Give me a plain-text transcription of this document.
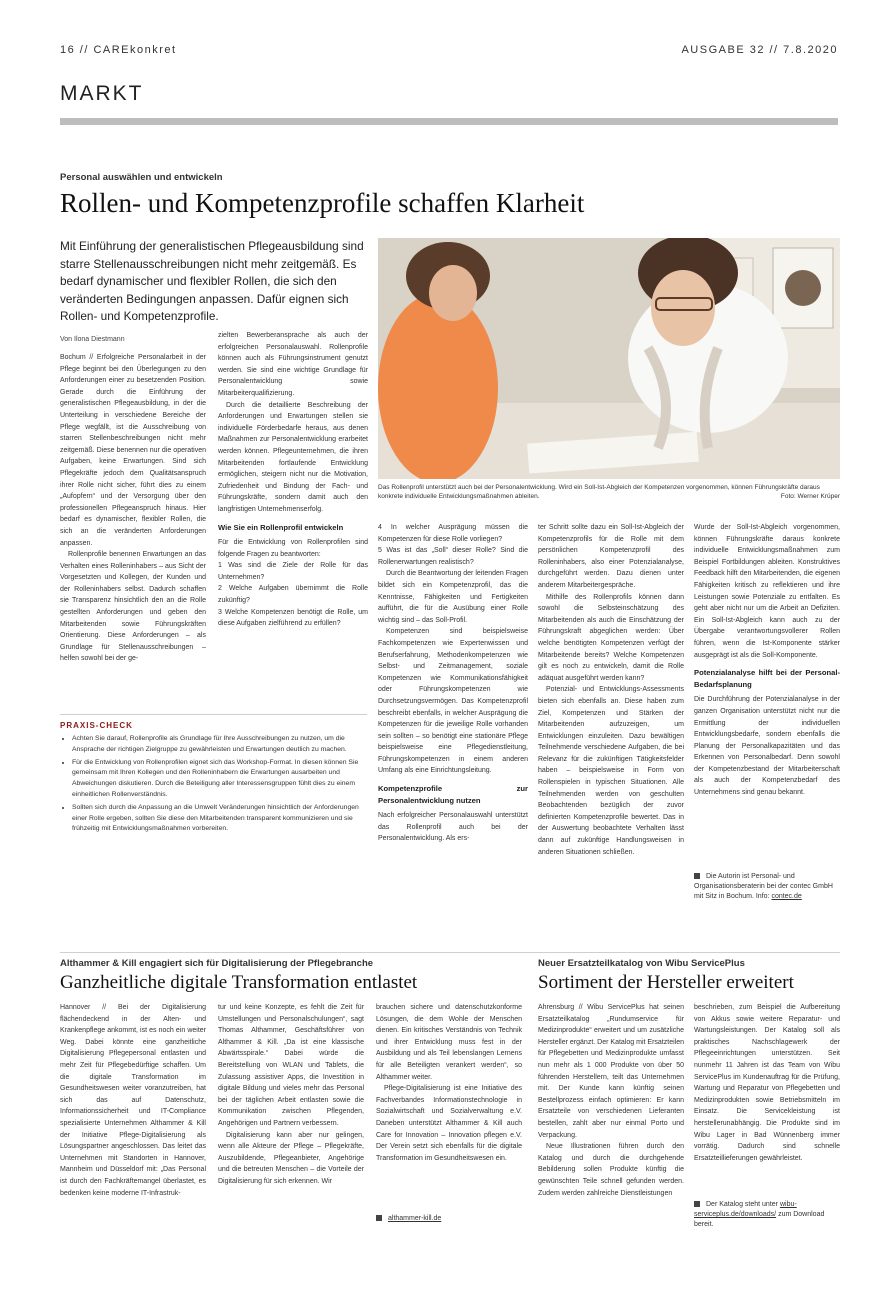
16 // CAREkonkret	AUSGABE 32 // 7.8.2020
MARKT
Personal auswählen und entwickeln
Rollen- und Kompetenzprofile schaffen Klarheit
Mit Einführung der generalistischen Pflegeausbildung sind starre Stellenausschreibungen nicht mehr zeitgemäß. Es bedarf dynamischer und flexibler Rollen, die sich den veränderten Bedingungen anpassen. Dafür eignen sich Rollen- und Kompetenzprofile.
Von Ilona Diestmann

Bochum // Erfolgreiche Personalarbeit in der Pflege beginnt bei den Überlegungen zu den Anforderungen einer zu besetzenden Position. Gerade durch die Einführung der generalistischen Pflegeausbildung, in der die Unterteilung in verschiedene Bereiche der Pflege wegfällt, ist die Ausschreibung von starren Stellenbeschreibungen nicht mehr zeitgemäß. Diese benennen nur die operativen Aufgaben, keine Erwartungen. Sind sich Pflegekräfte jedoch dem Qualitätsanspruch ihrer Rolle nicht sicher, führt dies zu einem „Aufopfern“ und der Versorgung über den professionellen Pflegeanspruch hinaus. Hier bedarf es dynamischer, flexibler Rollen, die sich an die veränderten Anforderungen anpassen.

Rollenprofile benennen Erwartungen an das Verhalten eines Rolleninhabers – aus Sicht der Vorgesetzten und Kollegen, der Kunden und der Rolleninhabers selbst. Dadurch schaffen sie Transparenz hinsichtlich den an die Rolle gestellten Anforderungen und geben den Mitarbeitenden sowie Führungskräften Orientierung. Diese Anforderungen – als Grundlage für Stellenausschreibungen – helfen sowohl bei der ge-

zielten Bewerberansprache als auch der erfolgreichen Personalauswahl. Rollenprofile können auch als Führungsinstrument genutzt werden. Sie sind eine wichtige Grundlage für Personalentwicklung sowie Mitarbeiterqualifizierung.

Durch die detaillierte Beschreibung der Anforderungen und Erwartungen stellen sie individuelle Förderbedarfe heraus, aus denen Maßnahmen zur Personalentwicklung erarbeitet werden können. Pflegeunternehmen, die ihren Mitarbeitenden fortlaufende Entwicklung ermöglichen, steigern nicht nur die Motivation, Zufriedenheit und Bindung der Fach- und Führungskräfte, sondern damit auch den langfristigen Unternehmenserfolg.

Wie Sie ein Rollenprofil entwickeln

Für die Entwicklung von Rollenprofilen sind folgende Fragen zu beantworten:

1 Was sind die Ziele der Rolle für das Unternehmen?

2 Welche Aufgaben übernimmt die Rolle zukünftig?

3 Welche Kompetenzen benötigt die Rolle, um diese Aufgaben zielführend zu erfüllen?

Das Rollenprofil unterstützt auch bei der Personalentwicklung. Wird ein Soll-Ist-Abgleich der Kompetenzen vorgenommen, können Führungskräfte daraus konkrete individuelle Entwicklungsmaßnahmen ableiten.	Foto: Werner Krüper

4 In welcher Ausprägung müssen die Kompetenzen für diese Rolle vorliegen?

5 Was ist das „Soll“ dieser Rolle? Sind die Rollenerwartungen realistisch?

Durch die Beantwortung der leitenden Fragen bildet sich ein Kompetenzprofil, das die Kenntnisse, Fähigkeiten und Fertigkeiten aufführt, die für die Ausübung einer Rolle wichtig sind – das Soll-Profil.

Kompetenzen sind beispielsweise Fachkompetenzen wie Expertenwissen und Berufserfahrung, Methodenkompetenzen wie Selbst- und Zeitmanagement, soziale Kompetenzen wie Kommunikationsfähigkeit oder Führungskompetenzen wie Durchsetzungsvermögen. Das Kompetenzprofil beschreibt ebenfalls, in welcher Ausprägung die Kompetenzen für die jeweilige Rolle vorhanden sein sollten – so benötigt eine stationäre Pflege beispielsweise eine Pflegedienstleitung, Führungskompetenzen in einem anderen Umfang als eine Einrichtungsleitung.

Kompetenzprofile zur Personalentwicklung nutzen

Nach erfolgreicher Personalauswahl unterstützt das Rollenprofil auch bei der Personalentwicklung. Als ers-

ter Schritt sollte dazu ein Soll-Ist-Abgleich der Kompetenzprofils für die Rolle mit dem persönlichen Kompetenzprofil des Rolleninhabers, also einer Potenzialanalyse, durchgeführt werden. Dazu dienen unter anderem Mitarbeitergespräche.

Mithilfe des Rollenprofils können dann sowohl die Selbsteinschätzung des Mitarbeitenden als auch die Einschätzung der Führungskraft abgeglichen werden: Über welche benötigten Kompetenzen verfügt der Mitarbeitende bereits? Welche Kompetenzen gilt es noch zu entwickeln, damit die Rolle adäquat ausgeführt werden kann?

Potenzial- und Entwicklungs-Assessments bieten sich ebenfalls an. Diese haben zum Ziel, Kompetenzen und Stärken der Mitarbeitenden aufzuzeigen, um Entwicklungen einzuleiten. Dazu bewältigen Teilnehmende verschiedene Aufgaben, die bei Relevanz für die zukünftigen Tätigkeitsfelder haben – beispielsweise in Form von Rollenspielen in typischen Situationen. Alle Teilnehmenden werden von geschulten Beobachtenden bezüglich der zuvor definierten Kompetenzprofile bewertet. Das in der Auswertung beobachtete Verhalten lässt dann auf zukünftige Handlungsweisen in anderen Situationen schließen.

Wurde der Soll-Ist-Abgleich vorgenommen, können Führungskräfte daraus konkrete individuelle Entwicklungsmaßnahmen zum Beispiel Fortbildungen ableiten. Konstruktives Feedback hilft den Mitarbeitenden, die eigenen Fähigkeiten kritisch zu reflektieren und ihre Leistungen sowie Potenziale zu entfalten. Es geht aber nicht nur um die Arbeit an Defiziten. Ein Soll-Ist-Abgleich kann auch zu der Übergabe verantwortungsvollerer Rollen führen, wenn die Ist-Komponente stärker ausgeprägt ist als die Soll-Komponente.

Potenzialanalyse hilft bei der Personal-Bedarfsplanung

Die Durchführung der Potenzialanalyse in der ganzen Organisation unterstützt nicht nur die Ermittlung der individuellen Entwicklungsbedarfe, sondern ebenfalls die Planung der Personalkapazitäten und das Erkennen von Personalbedarf. Denn sowohl der Kompetenzbestand der Mitarbeiterschaft als auch der Kompetenzbedarf des Unternehmens sind genau bekannt.

Die Autorin ist Personal- und Organisationsberaterin bei der contec GmbH mit Sitz in Bochum. Info: contec.de
PRAXIS-CHECK
• Achten Sie darauf, Rollenprofile als Grundlage für Ihre Ausschreibungen zu nutzen, um die Ansprache der richtigen Zielgruppe zu gewährleisten und Erwartungen deutlich zu machen.
• Für die Entwicklung von Rollenprofilen eignet sich das Workshop-Format. In diesen können Sie gemeinsam mit Ihren Kollegen und den Rolleninhabern die Erwartungen ausarbeiten und Abweichungen diskutieren. Durch die Beteiligung aller Interessensgruppen fühlt dies zu einem einheitlichen Rollenverständnis.
• Sollten sich durch die Anpassung an die Umwelt Veränderungen hinsichtlich der Anforderungen einer Rolle ergeben, sollten Sie diese den Mitarbeitenden transparent kommunizieren und sie frühzeitig mit Entwicklungsmaßnahmen vorbereiten.
Althammer & Kill engagiert sich für Digitalisierung der Pflegebranche
Ganzheitliche digitale Transformation entlastet

Hannover // Bei der Digitalisierung flächendeckend in der Alten- und Krankenpflege ankommt, ist es noch ein weiter Weg. Dabei könnte eine ganzheitliche Digitalisierung Pflegepersonal entlasten und mehr Zeit für Pflegebedürftige schaffen. Um die digitale Transformation im Gesundheitswesen weiter voranzutreiben, hat sich das auf Datenschutz, Informationssicherheit und IT-Compliance spezialisierte Unternehmen Althammer & Kill der Initiative Pflege-Digitalisierung als Lösungspartner angeschlossen. Das leitet das Unternehmen mit Standorten in Hannover, Mannheim und Düsseldorf mit: „Das Personal ist durch den Fachkräftemangel überlastet, es bedenken keine moderne IT-Infrastruk-

tur und keine Konzepte, es fehlt die Zeit für Umstellungen und Personalschulungen“, sagt Thomas Althammer, Geschäftsführer von Althammer & Kill. „Da ist eine klassische Abwärtsspirale.“ Dabei würde die Bereitstellung von WLAN und Tablets, die Zulassung assistiver Apps, die Investition in digitale Bildung und vieles mehr das Personal bei der täglichen Arbeit entlasten sowie die Kommunikation zwischen Pflegenden, Angehörigen und Partnern verbessern.

Digitalisierung kann aber nur gelingen, wenn alle Akteure der Pflege – Pflegekräfte, Auszubildende, Pflegeanbieter, Angehörige und die betreuten Menschen – die Vorteile der Digitalisierung für sich erkennen. Wir

brauchen sichere und datenschutzkonforme Lösungen, die dem Wohle der Menschen dienen. Ein kritisches Verständnis von Technik und ihrer Entwicklung muss fest in der Ausbildung und als Teil lebenslangen Lernens für alle Beteiligten verankert werden“, so Althammer weiter.

Pflege-Digitalisierung ist eine Initiative des Fachverbandes Informationstechnologie in Sozialwirtschaft und Sozialverwaltung e.V. Daneben unterstützt Althammer & Kill auch Care for Innovation – Innovation pflegen e.V. Der Verein setzt sich ebenfalls für die digitale Transformation im Gesundheitswesen ein.

althammer-kill.de
Neuer Ersatzteilkatalog von Wibu ServicePlus
Sortiment der Hersteller erweitert

Ahrensburg // Wibu ServicePlus hat seinen Ersatzteilkatalog „Rundumservice für Medizinprodukte“ erweitert und um zusätzliche Hersteller ergänzt. Der Katalog mit Ersatzteilen für Pflegebetten und Medizinprodukte umfasst nun mehr als 1 000 Produkte von über 50 führenden Herstellern, teilt das Unternehmen mit. Der Kunde kann künftig seinen Bestellprozess einfach optimieren: Er kann Ersatzteile von verschiedenen Lieferanten bestellen, zahlt aber nur einmal Porto und Verpackung.

Neue Illustrationen führen durch den Katalog und durch die durchgehende Bebilderung sollen Produkte künftig die gewünschten Teile schnell gefunden werden. Zudem werden zahlreiche Dienstleistungen

beschrieben, zum Beispiel die Aufbereitung von Akkus sowie weitere Reparatur- und Wartungsleistungen. Der Katalog soll als praktisches Nachschlagewerk der Pflegeeinrichtungen unterstützen. Seit nunmehr 11 Jahren ist das Team von Wibu ServicePlus im Kundenauftrag für die Prüfung, Wartung und Reparatur von Pflegebetten und Medizinprodukten sowie Betriebsmitteln im Einsatz. Die Servicekleistung ist herstellerunabhängig. Die Produkte sind im Wibu Lager in Bad Wünnenberg immer vorrätig. Dadurch sind schnelle Ersatzteillieferungen gewährleistet.

Der Katalog steht unter wibu-serviceplus.de/downloads/ zum Download bereit.
